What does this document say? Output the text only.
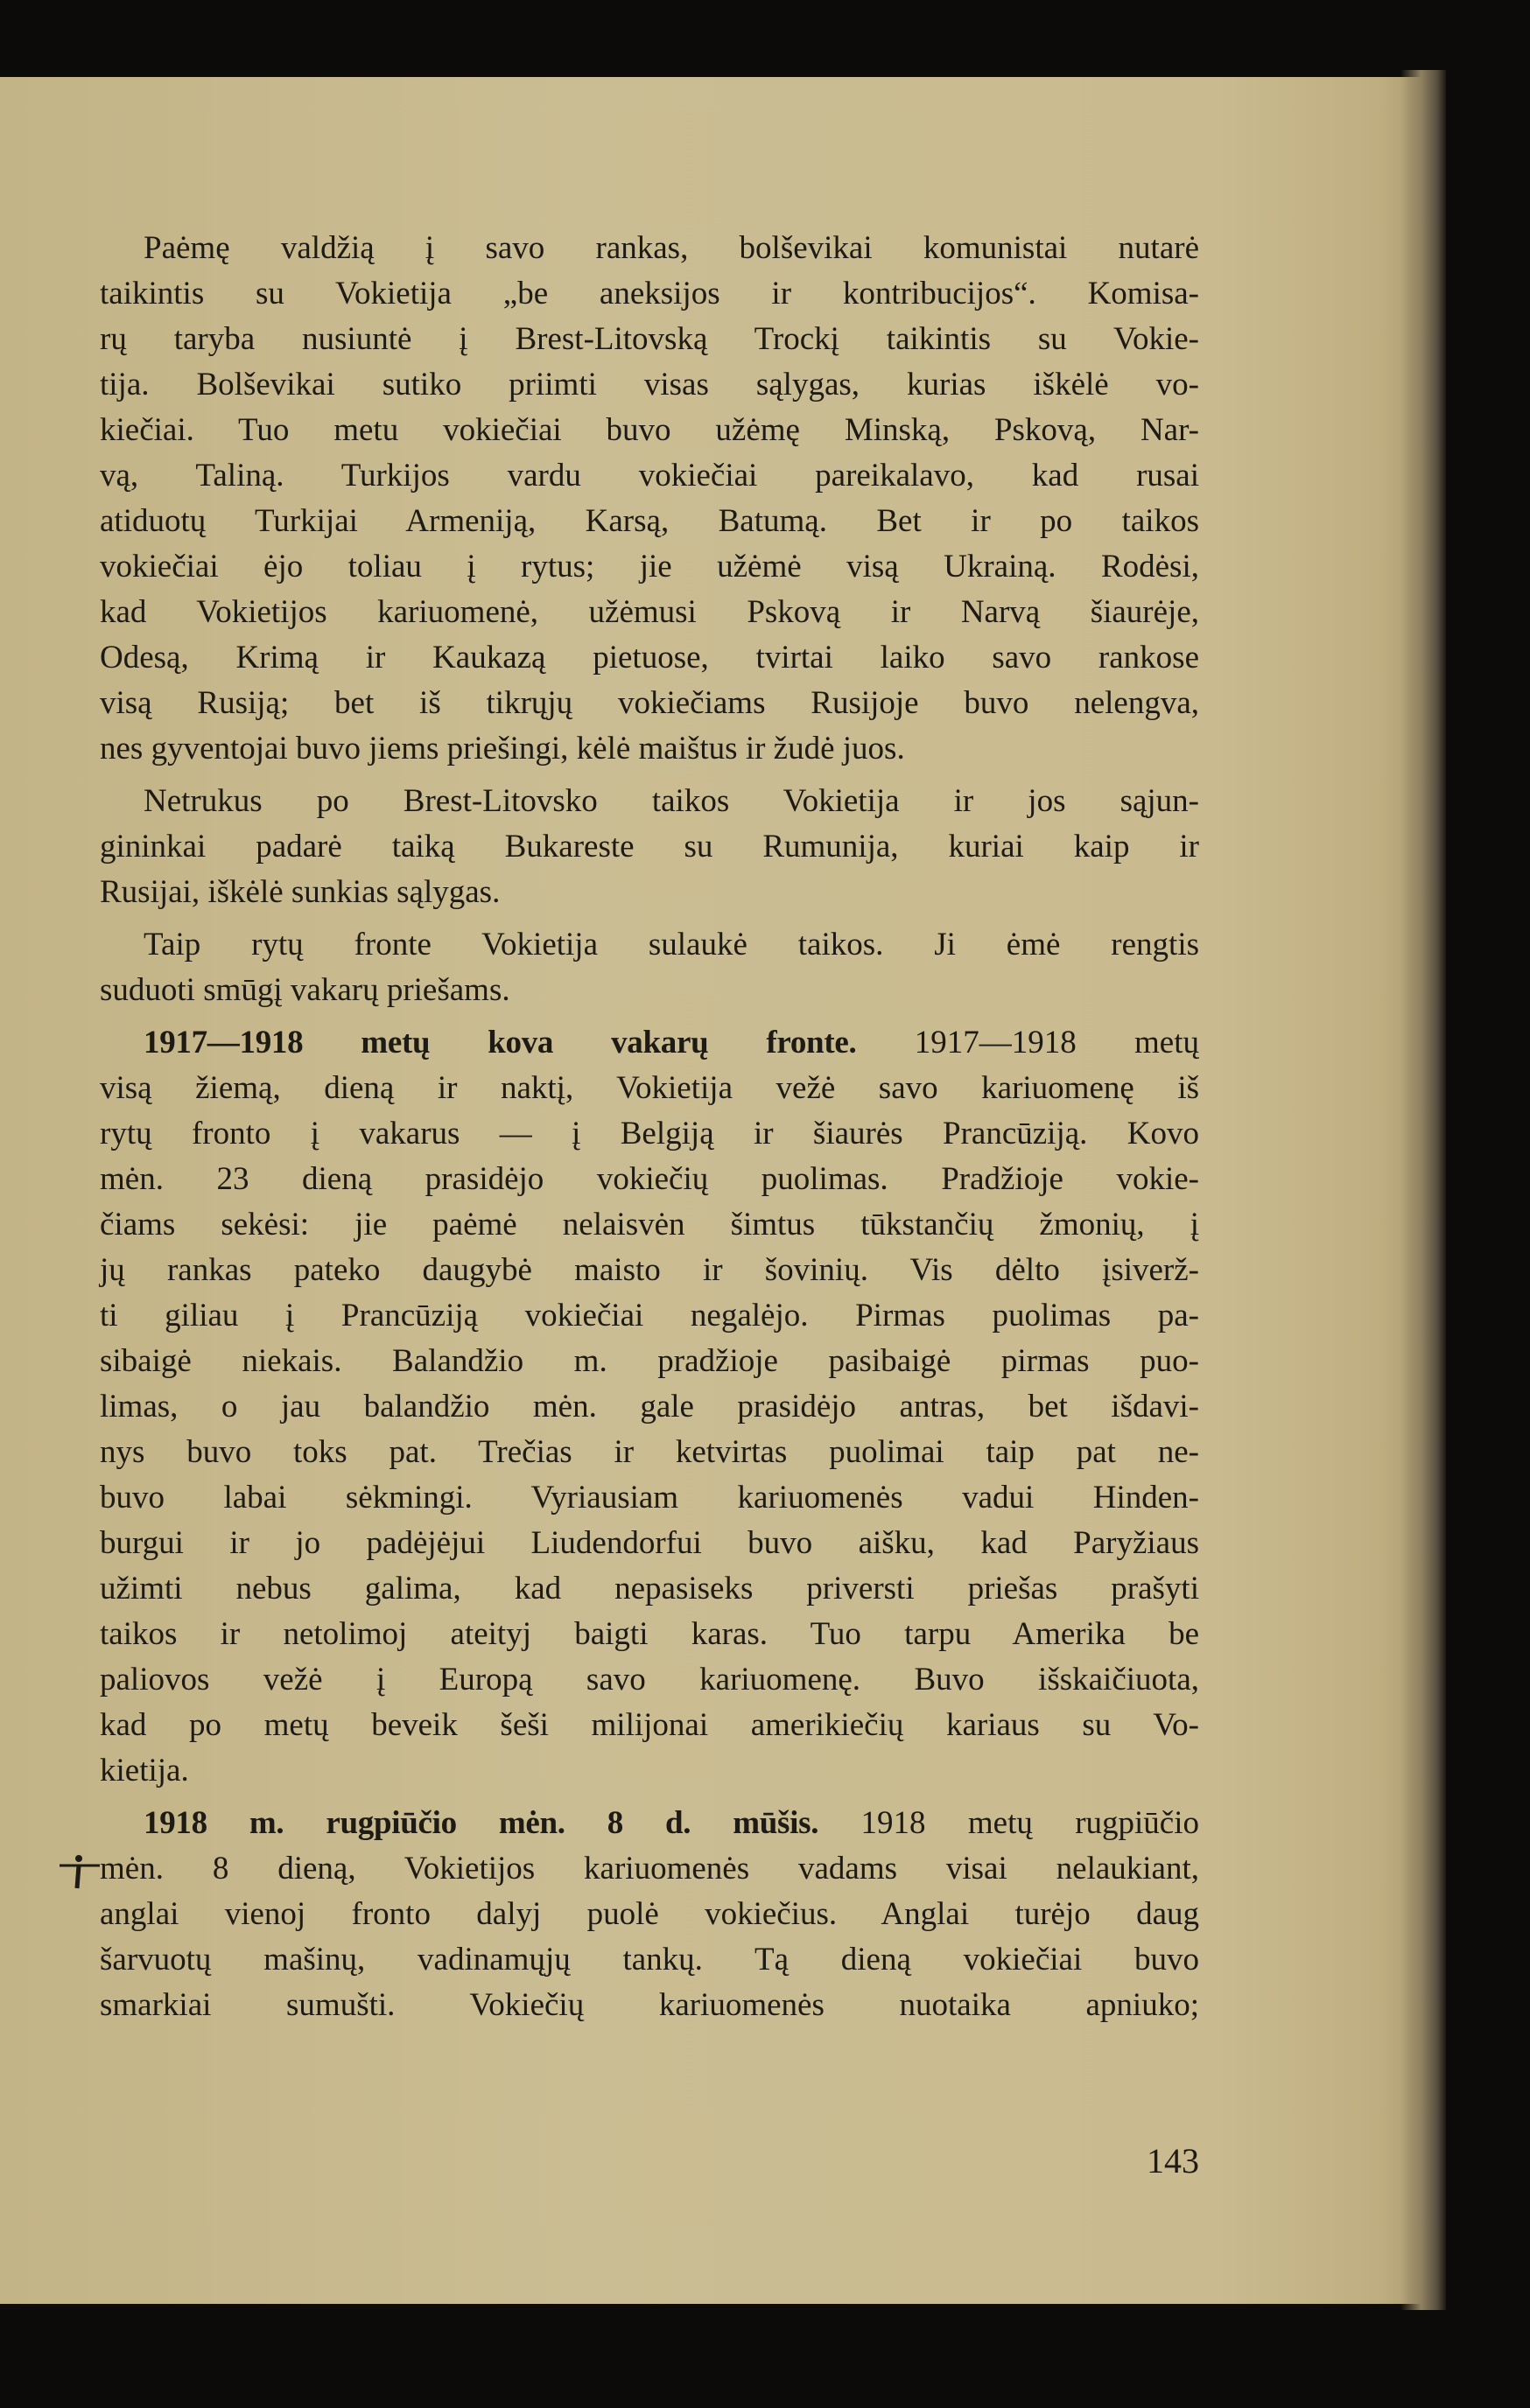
Paėmę valdžią į savo rankas, bolševikai komunistai nutarė
taikintis su Vokietija „be aneksijos ir kontribucijos“. Komisa-
rų taryba nusiuntė į Brest-Litovską Trockį taikintis su Vokie-
tija. Bolševikai sutiko priimti visas sąlygas, kurias iškėlė vo-
kiečiai. Tuo metu vokiečiai buvo užėmę Minską, Pskovą, Nar-
vą, Taliną. Turkijos vardu vokiečiai pareikalavo, kad rusai
atiduotų Turkijai Armeniją, Karsą, Batumą. Bet ir po taikos
vokiečiai ėjo toliau į rytus; jie užėmė visą Ukrainą. Rodėsi,
kad Vokietijos kariuomenė, užėmusi Pskovą ir Narvą šiaurėje,
Odesą, Krimą ir Kaukazą pietuose, tvirtai laiko savo rankose
visą Rusiją; bet iš tikrųjų vokiečiams Rusijoje buvo nelengva,
nes gyventojai buvo jiems priešingi, kėlė maištus ir žudė juos.
Netrukus po Brest-Litovsko taikos Vokietija ir jos sąjun-
gininkai padarė taiką Bukareste su Rumunija, kuriai kaip ir
Rusijai, iškėlė sunkias sąlygas.
Taip rytų fronte Vokietija sulaukė taikos. Ji ėmė rengtis
suduoti smūgį vakarų priešams.
1917—1918 metų kova vakarų fronte. 1917—1918 metų
visą žiemą, dieną ir naktį, Vokietija vežė savo kariuomenę iš
rytų fronto į vakarus — į Belgiją ir šiaurės Prancūziją. Kovo
mėn. 23 dieną prasidėjo vokiečių puolimas. Pradžioje vokie-
čiams sekėsi: jie paėmė nelaisvėn šimtus tūkstančių žmonių, į
jų rankas pateko daugybė maisto ir šovinių. Vis dėlto įsiverž-
ti giliau į Prancūziją vokiečiai negalėjo. Pirmas puolimas pa-
sibaigė niekais. Balandžio m. pradžioje pasibaigė pirmas puo-
limas, o jau balandžio mėn. gale prasidėjo antras, bet išdavi-
nys buvo toks pat. Trečias ir ketvirtas puolimai taip pat ne-
buvo labai sėkmingi. Vyriausiam kariuomenės vadui Hinden-
burgui ir jo padėjėjui Liudendorfui buvo aišku, kad Paryžiaus
užimti nebus galima, kad nepasiseks priversti priešas prašyti
taikos ir netolimoj ateityj baigti karas. Tuo tarpu Amerika be
paliovos vežė į Europą savo kariuomenę. Buvo išskaičiuota,
kad po metų beveik šeši milijonai amerikiečių kariaus su Vo-
kietija.
1918 m. rugpiūčio mėn. 8 d. mūšis. 1918 metų rugpiūčio
mėn. 8 dieną, Vokietijos kariuomenės vadams visai nelaukiant,
anglai vienoj fronto dalyj puolė vokiečius. Anglai turėjo daug
šarvuotų mašinų, vadinamųjų tankų. Tą dieną vokiečiai buvo
smarkiai sumušti. Vokiečių kariuomenės nuotaika apniuko;
143
